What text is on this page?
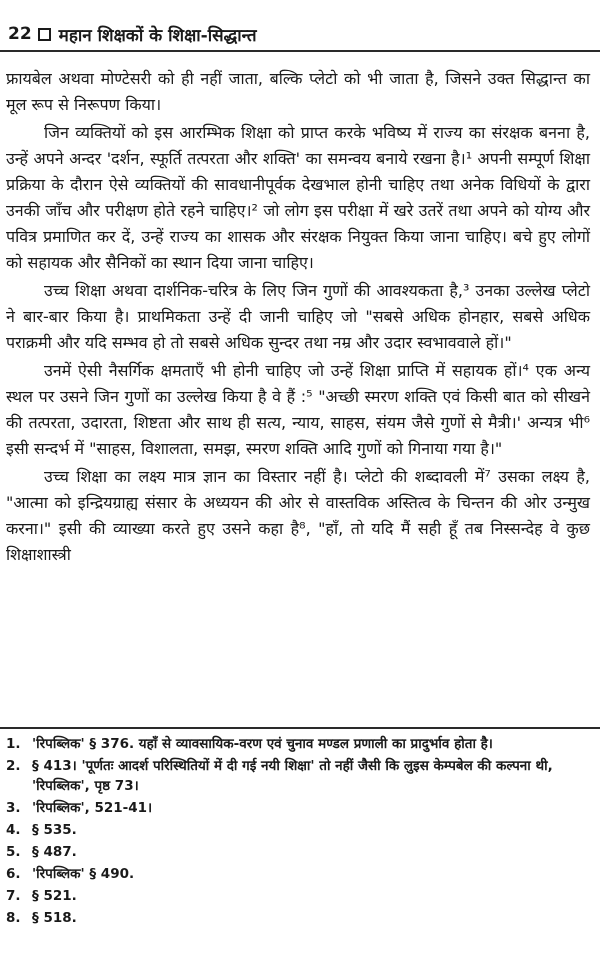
22 महान शिक्षकों के शिक्षा-सिद्धान्त

फ्रायबेल अथवा मोण्टेसरी को ही नहीं जाता, बल्कि प्लेटो को भी जाता है, जिसने उक्त सिद्धान्त का मूल रूप से निरूपण किया।

जिन व्यक्तियों को इस आरम्भिक शिक्षा को प्राप्त करके भविष्य में राज्य का संरक्षक बनना है, उन्हें अपने अन्दर 'दर्शन, स्फूर्ति तत्परता और शक्ति' का समन्वय बनाये रखना है।¹ अपनी सम्पूर्ण शिक्षा प्रक्रिया के दौरान ऐसे व्यक्तियों की सावधानीपूर्वक देखभाल होनी चाहिए तथा अनेक विधियों के द्वारा उनकी जाँच और परीक्षण होते रहने चाहिए।² जो लोग इस परीक्षा में खरे उतरें तथा अपने को योग्य और पवित्र प्रमाणित कर दें, उन्हें राज्य का शासक और संरक्षक नियुक्त किया जाना चाहिए। बचे हुए लोगों को सहायक और सैनिकों का स्थान दिया जाना चाहिए।

उच्च शिक्षा अथवा दार्शनिक-चरित्र के लिए जिन गुणों की आवश्यकता है,³ उनका उल्लेख प्लेटो ने बार-बार किया है। प्राथमिकता उन्हें दी जानी चाहिए जो "सबसे अधिक होनहार, सबसे अधिक पराक्रमी और यदि सम्भव हो तो सबसे अधिक सुन्दर तथा नम्र और उदार स्वभाववाले हों।"

उनमें ऐसी नैसर्गिक क्षमताएँ भी होनी चाहिए जो उन्हें शिक्षा प्राप्ति में सहायक हों।⁴ एक अन्य स्थल पर उसने जिन गुणों का उल्लेख किया है वे हैं :⁵ "अच्छी स्मरण शक्ति एवं किसी बात को सीखने की तत्परता, उदारता, शिष्टता और साथ ही सत्य, न्याय, साहस, संयम जैसे गुणों से मैत्री।' अन्यत्र भी⁶ इसी सन्दर्भ में "साहस, विशालता, समझ, स्मरण शक्ति आदि गुणों को गिनाया गया है।"

उच्च शिक्षा का लक्ष्य मात्र ज्ञान का विस्तार नहीं है। प्लेटो की शब्दावली में⁷ उसका लक्ष्य है, "आत्मा को इन्द्रियग्राह्य संसार के अध्ययन की ओर से वास्तविक अस्तित्व के चिन्तन की ओर उन्मुख करना।" इसी की व्याख्या करते हुए उसने कहा है⁸, "हाँ, तो यदि मैं सही हूँ तब निस्सन्देह वे कुछ शिक्षाशास्त्री

1. 'रिपब्लिक' § 376. यहाँ से व्यावसायिक-वरण एवं चुनाव मण्डल प्रणाली का प्रादुर्भाव होता है।
2. § 413। 'पूर्णतः आदर्श परिस्थितियों में दी गई नयी शिक्षा' तो नहीं जैसी कि लुइस केम्पबेल की कल्पना थी, 'रिपब्लिक', पृष्ठ 73।
3. 'रिपब्लिक', 521-41।
4. § 535.
5. § 487.
6. 'रिपब्लिक' § 490.
7. § 521.
8. § 518.
